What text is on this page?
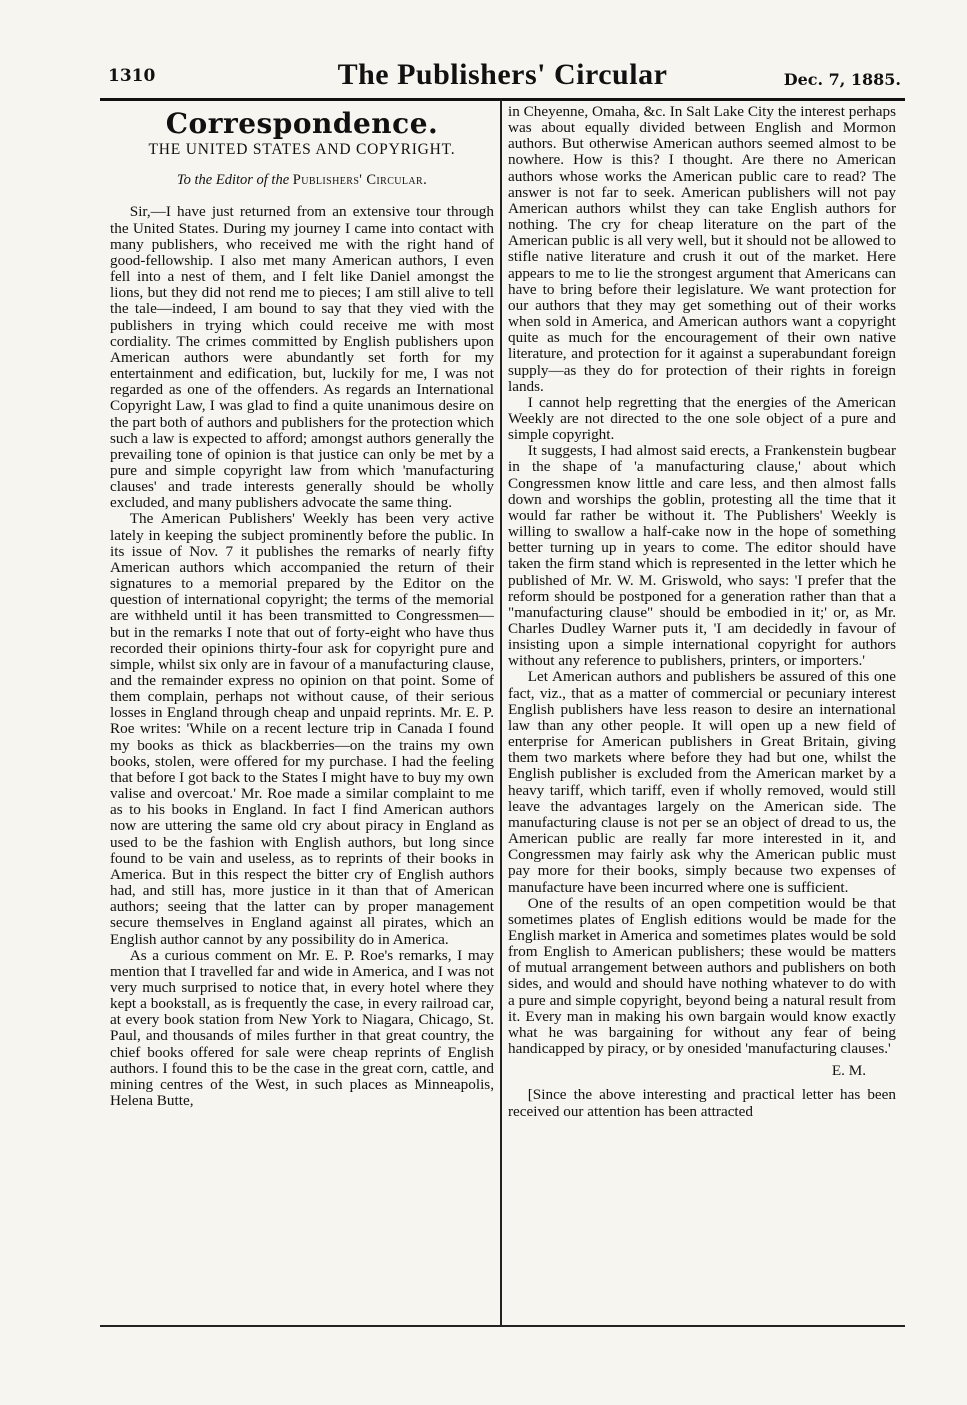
1310	The Publishers' Circular	Dec. 7, 1885.
Correspondence.
THE UNITED STATES AND COPYRIGHT.
To the Editor of the Publishers' Circular.

Sir,—I have just returned from an extensive tour through the United States. During my journey I came into contact with many publishers, who received me with the right hand of good-fellowship. I also met many American authors, I even fell into a nest of them, and I felt like Daniel amongst the lions, but they did not rend me to pieces; I am still alive to tell the tale—indeed, I am bound to say that they vied with the publishers in trying which could receive me with most cordiality. The crimes committed by English publishers upon American authors were abundantly set forth for my entertainment and edification, but, luckily for me, I was not regarded as one of the offenders. As regards an International Copyright Law, I was glad to find a quite unanimous desire on the part both of authors and publishers for the protection which such a law is expected to afford; amongst authors generally the prevailing tone of opinion is that justice can only be met by a pure and simple copyright law from which 'manufacturing clauses' and trade interests generally should be wholly excluded, and many publishers advocate the same thing.

The American Publishers' Weekly has been very active lately in keeping the subject prominently before the public. In its issue of Nov. 7 it publishes the remarks of nearly fifty American authors which accompanied the return of their signatures to a memorial prepared by the Editor on the question of international copyright; the terms of the memorial are withheld until it has been transmitted to Congressmen—but in the remarks I note that out of forty-eight who have thus recorded their opinions thirty-four ask for copyright pure and simple, whilst six only are in favour of a manufacturing clause, and the remainder express no opinion on that point. Some of them complain, perhaps not without cause, of their serious losses in England through cheap and unpaid reprints. Mr. E. P. Roe writes: 'While on a recent lecture trip in Canada I found my books as thick as blackberries—on the trains my own books, stolen, were offered for my purchase. I had the feeling that before I got back to the States I might have to buy my own valise and overcoat.' Mr. Roe made a similar complaint to me as to his books in England. In fact I find American authors now are uttering the same old cry about piracy in England as used to be the fashion with English authors, but long since found to be vain and useless, as to reprints of their books in America. But in this respect the bitter cry of English authors had, and still has, more justice in it than that of American authors; seeing that the latter can by proper management secure themselves in England against all pirates, which an English author cannot by any possibility do in America.

As a curious comment on Mr. E. P. Roe's remarks, I may mention that I travelled far and wide in America, and I was not very much surprised to notice that, in every hotel where they kept a bookstall, as is frequently the case, in every railroad car, at every book station from New York to Niagara, Chicago, St. Paul, and thousands of miles further in that great country, the chief books offered for sale were cheap reprints of English authors. I found this to be the case in the great corn, cattle, and mining centres of the West, in such places as Minneapolis, Helena Butte,

in Cheyenne, Omaha, &c. In Salt Lake City the interest perhaps was about equally divided between English and Mormon authors. But otherwise American authors seemed almost to be nowhere. How is this? I thought. Are there no American authors whose works the American public care to read? The answer is not far to seek. American publishers will not pay American authors whilst they can take English authors for nothing. The cry for cheap literature on the part of the American public is all very well, but it should not be allowed to stifle native literature and crush it out of the market. Here appears to me to lie the strongest argument that Americans can have to bring before their legislature. We want protection for our authors that they may get something out of their works when sold in America, and American authors want a copyright quite as much for the encouragement of their own native literature, and protection for it against a superabundant foreign supply—as they do for protection of their rights in foreign lands.

I cannot help regretting that the energies of the American Weekly are not directed to the one sole object of a pure and simple copyright.

It suggests, I had almost said erects, a Frankenstein bugbear in the shape of 'a manufacturing clause,' about which Congressmen know little and care less, and then almost falls down and worships the goblin, protesting all the time that it would far rather be without it. The Publishers' Weekly is willing to swallow a half-cake now in the hope of something better turning up in years to come. The editor should have taken the firm stand which is represented in the letter which he published of Mr. W. M. Griswold, who says: 'I prefer that the reform should be postponed for a generation rather than that a "manufacturing clause" should be embodied in it;' or, as Mr. Charles Dudley Warner puts it, 'I am decidedly in favour of insisting upon a simple international copyright for authors without any reference to publishers, printers, or importers.'

Let American authors and publishers be assured of this one fact, viz., that as a matter of commercial or pecuniary interest English publishers have less reason to desire an international law than any other people. It will open up a new field of enterprise for American publishers in Great Britain, giving them two markets where before they had but one, whilst the English publisher is excluded from the American market by a heavy tariff, which tariff, even if wholly removed, would still leave the advantages largely on the American side. The manufacturing clause is not per se an object of dread to us, the American public are really far more interested in it, and Congressmen may fairly ask why the American public must pay more for their books, simply because two expenses of manufacture have been incurred where one is sufficient.

One of the results of an open competition would be that sometimes plates of English editions would be made for the English market in America and sometimes plates would be sold from English to American publishers; these would be matters of mutual arrangement between authors and publishers on both sides, and would and should have nothing whatever to do with a pure and simple copyright, beyond being a natural result from it. Every man in making his own bargain would know exactly what he was bargaining for without any fear of being handicapped by piracy, or by onesided 'manufacturing clauses.'

E. M.

[Since the above interesting and practical letter has been received our attention has been attracted
